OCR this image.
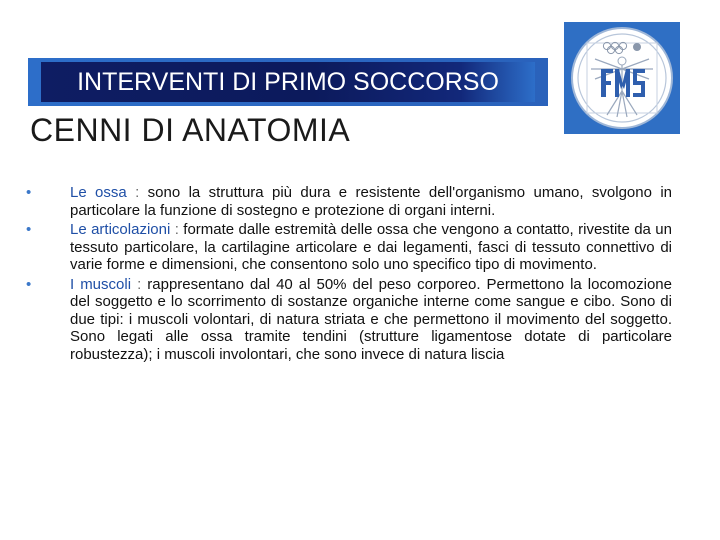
INTERVENTI DI PRIMO SOCCORSO
CENNI DI ANATOMIA
•	Le ossa : sono la struttura più dura e resistente dell'organismo umano, svolgono in particolare la funzione di sostegno e protezione di organi interni.
•	Le articolazioni : formate dalle estremità delle ossa che vengono a contatto, rivestite da un tessuto particolare, la cartilagine articolare e dai legamenti, fasci di tessuto connettivo di varie forme e dimensioni, che consentono solo uno specifico tipo di movimento.
•	I muscoli : rappresentano dal 40 al 50% del peso corporeo. Permettono la locomozione del soggetto e lo scorrimento di sostanze organiche interne come sangue e cibo. Sono di due tipi: i muscoli volontari, di natura striata e che permettono il movimento del soggetto. Sono legati alle ossa tramite tendini (strutture ligamentose dotate di particolare robustezza); i muscoli involontari, che sono invece di natura liscia
